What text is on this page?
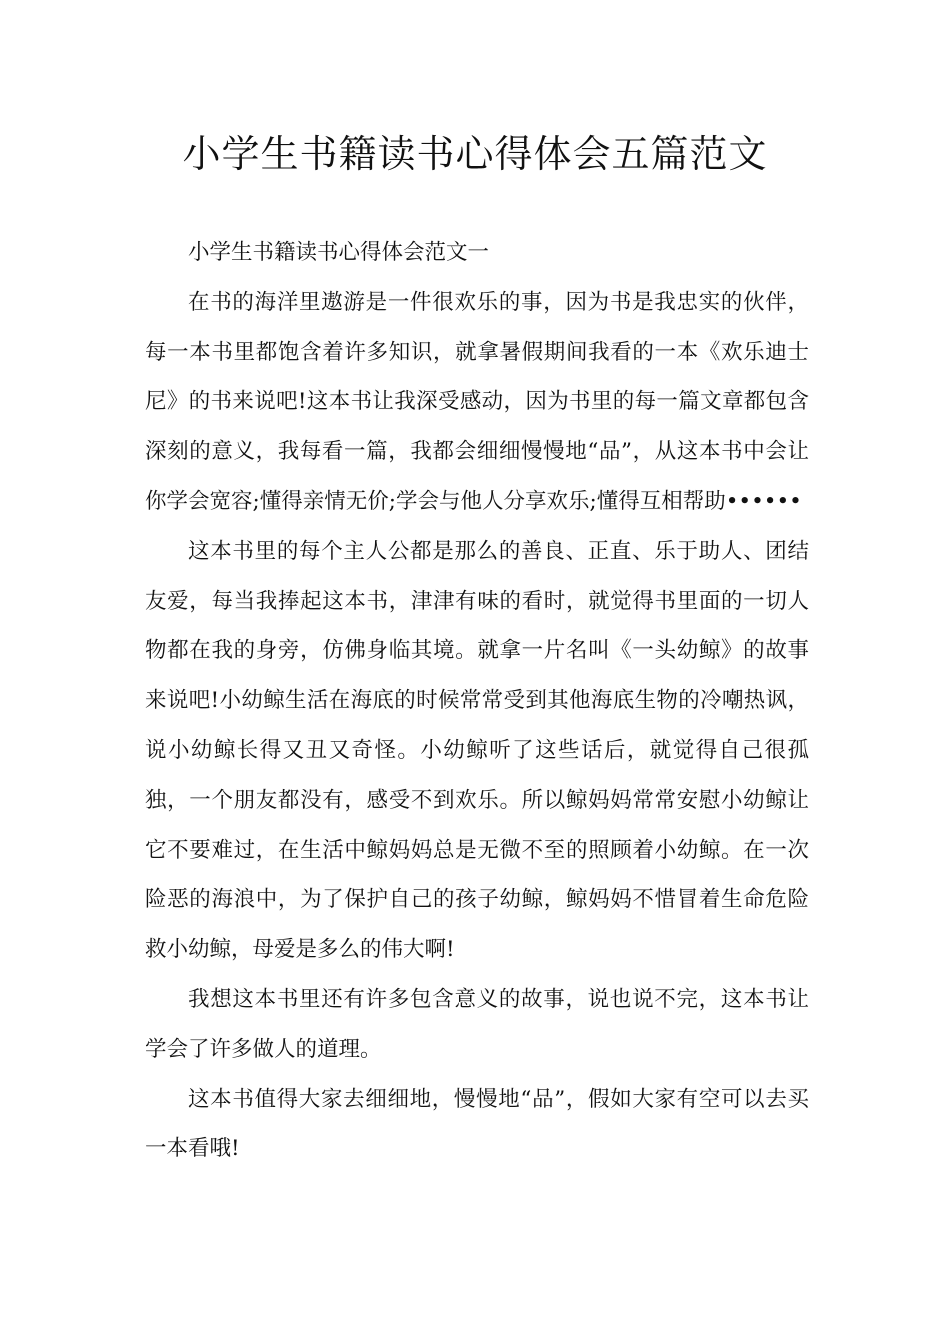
小学生书籍读书心得体会五篇范文

小学生书籍读书心得体会范文一

在书的海洋里遨游是一件很欢乐的事，因为书是我忠实的伙伴，每一本书里都饱含着许多知识，就拿暑假期间我看的一本《欢乐迪士尼》的书来说吧!这本书让我深受感动，因为书里的每一篇文章都包含深刻的意义，我每看一篇，我都会细细慢慢地“品”，从这本书中会让你学会宽容;懂得亲情无价;学会与他人分享欢乐;懂得互相帮助••••••

这本书里的每个主人公都是那么的善良、正直、乐于助人、团结友爱，每当我捧起这本书，津津有味的看时，就觉得书里面的一切人物都在我的身旁，仿佛身临其境。就拿一片名叫《一头幼鲸》的故事来说吧!小幼鲸生活在海底的时候常常受到其他海底生物的冷嘲热讽，说小幼鲸长得又丑又奇怪。小幼鲸听了这些话后，就觉得自己很孤独，一个朋友都没有，感受不到欢乐。所以鲸妈妈常常安慰小幼鲸让它不要难过，在生活中鲸妈妈总是无微不至的照顾着小幼鲸。在一次险恶的海浪中，为了保护自己的孩子幼鲸，鲸妈妈不惜冒着生命危险救小幼鲸，母爱是多么的伟大啊!

我想这本书里还有许多包含意义的故事，说也说不完，这本书让学会了许多做人的道理。

这本书值得大家去细细地，慢慢地“品”，假如大家有空可以去买一本看哦!
